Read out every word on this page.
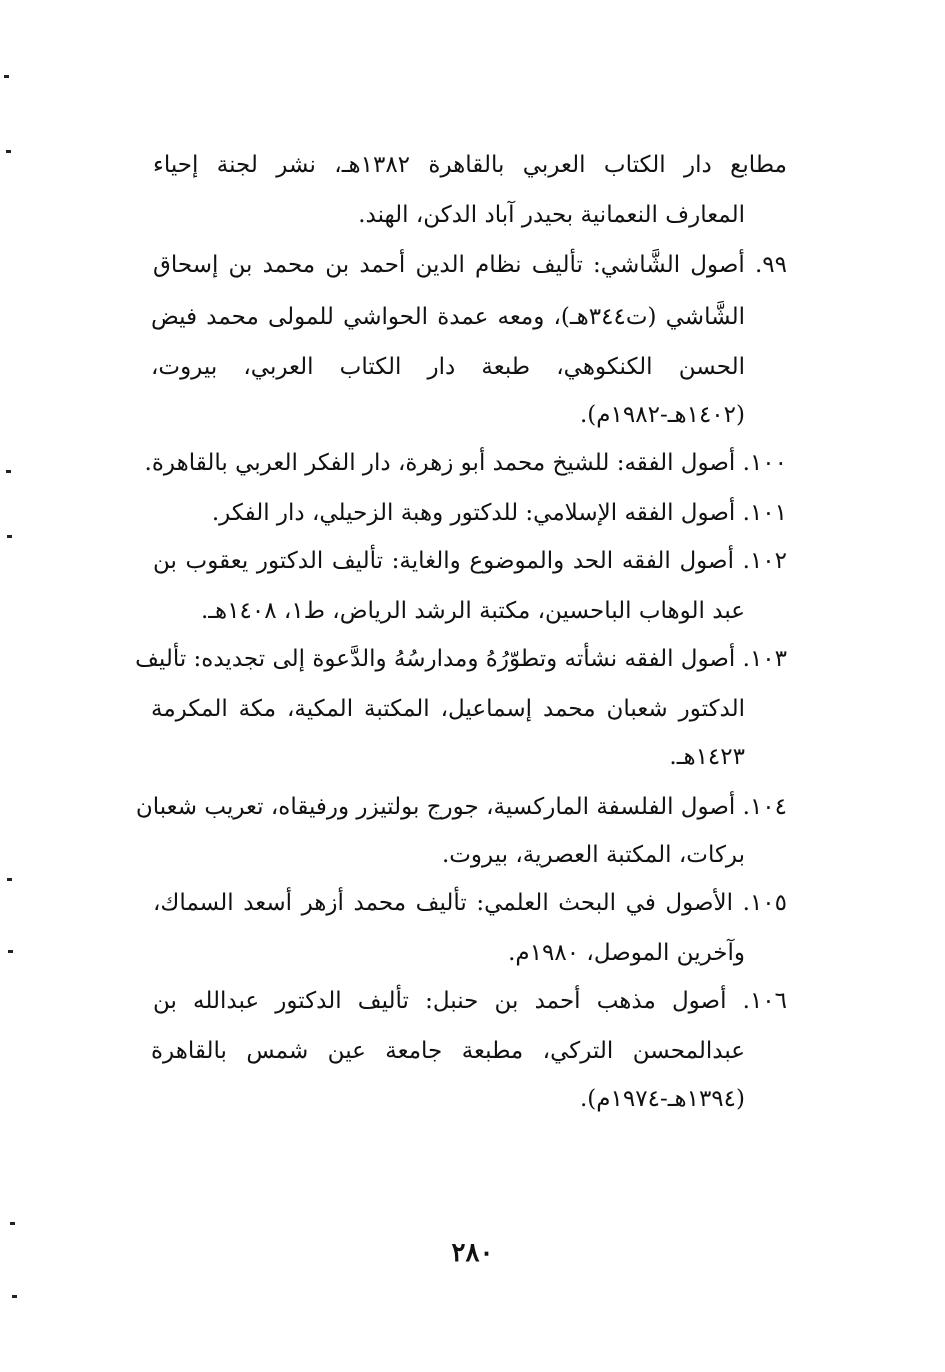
مطابع دار الكتاب العربي بالقاهرة ١٣٨٢هـ، نشر لجنة إحياء
المعارف النعمانية بحيدر آباد الدكن، الهند.
٩٩. أصول الشَّاشي: تأليف نظام الدين أحمد بن محمد بن إسحاق
الشَّاشي (ت٣٤٤هـ)، ومعه عمدة الحواشي للمولى محمد فيض
الحسن الكنكوهي، طبعة دار الكتاب العربي، بيروت،
(١٤٠٢هـ-١٩٨٢م).
١٠٠. أصول الفقه: للشيخ محمد أبو زهرة، دار الفكر العربي بالقاهرة.
١٠١. أصول الفقه الإسلامي: للدكتور وهبة الزحيلي، دار الفكر.
١٠٢. أصول الفقه الحد والموضوع والغاية: تأليف الدكتور يعقوب بن
عبد الوهاب الباحسين، مكتبة الرشد الرياض، ط١، ١٤٠٨هـ.
١٠٣. أصول الفقه نشأته وتطوّرُهُ ومدارسُهُ والدَّعوة إلى تجديده: تأليف
الدكتور شعبان محمد إسماعيل، المكتبة المكية، مكة المكرمة
١٤٢٣هـ.
١٠٤. أصول الفلسفة الماركسية، جورج بولتيزر ورفيقاه، تعريب شعبان
بركات، المكتبة العصرية، بيروت.
١٠٥. الأصول في البحث العلمي: تأليف محمد أزهر أسعد السماك،
وآخرين الموصل، ١٩٨٠م.
١٠٦. أصول مذهب أحمد بن حنبل: تأليف الدكتور عبدالله بن
عبدالمحسن التركي، مطبعة جامعة عين شمس بالقاهرة
(١٣٩٤هـ-١٩٧٤م).
٢٨٠
